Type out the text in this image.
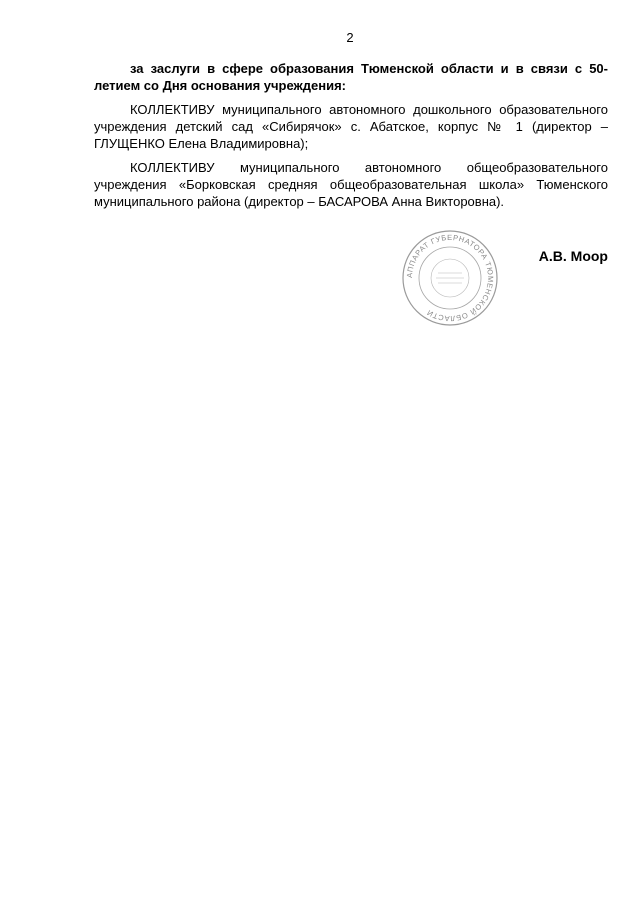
2

за заслуги в сфере образования Тюменской области и в связи с 50-летием со Дня основания учреждения:

КОЛЛЕКТИВУ муниципального автономного дошкольного образовательного учреждения детский сад «Сибирячок» с. Абатское, корпус № 1 (директор – ГЛУЩЕНКО Елена Владимировна);

КОЛЛЕКТИВУ муниципального автономного общеобразовательного учреждения «Борковская средняя общеобразовательная школа» Тюменского муниципального района (директор – БАСАРОВА Анна Викторовна).

АППАРАТ ГУБЕРНАТОРА ТЮМЕНСКОЙ ОБЛАСТИ
А.В. Моор
